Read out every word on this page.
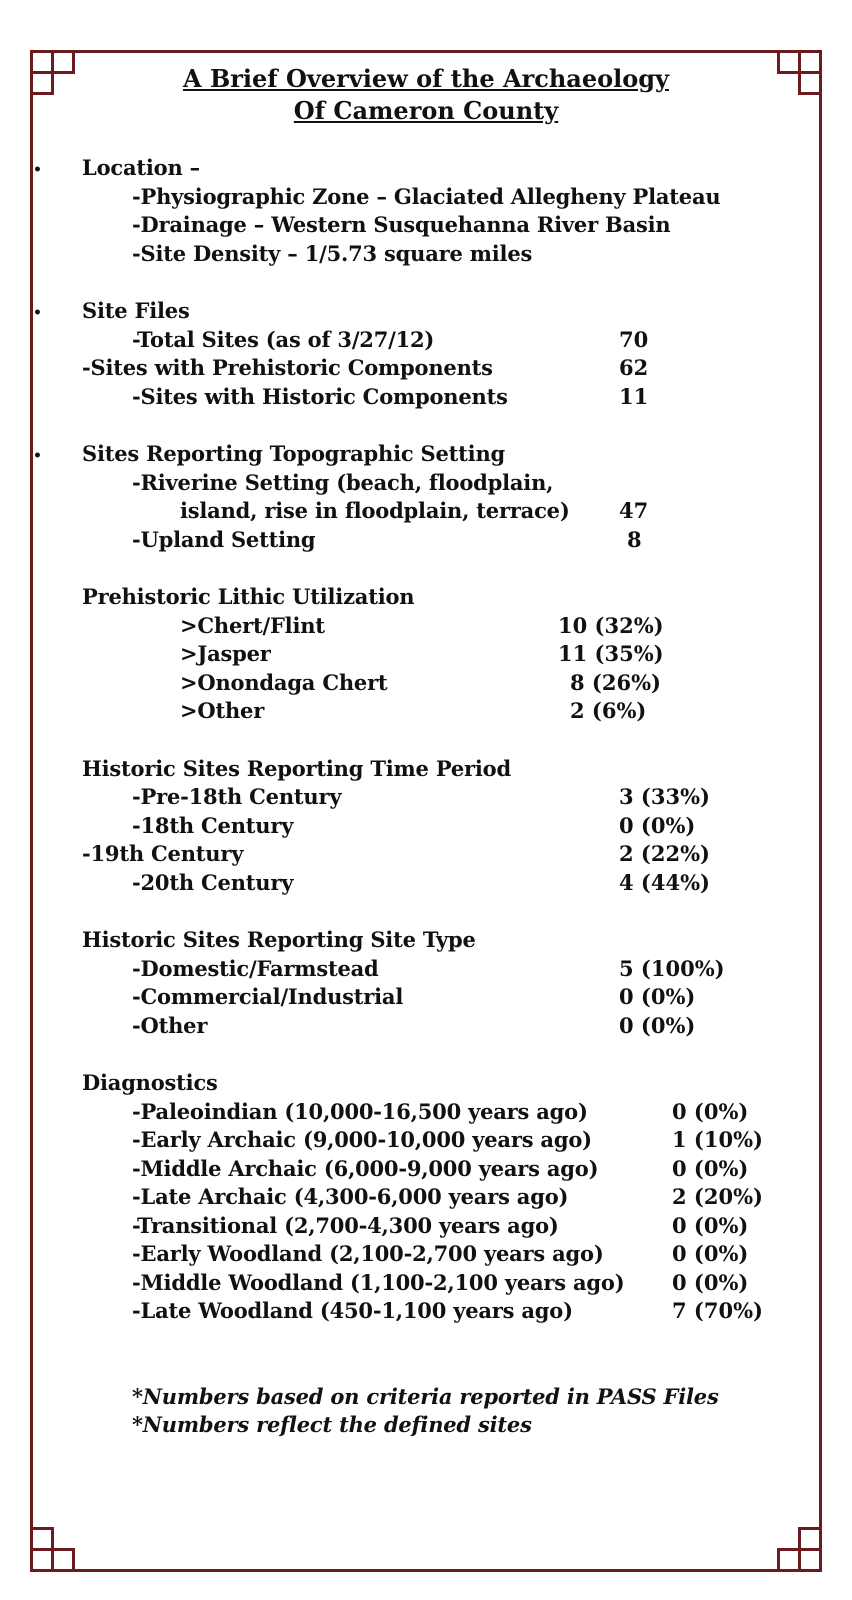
A Brief Overview of the Archaeology
Of Cameron County
• Location –
-Physiographic Zone – Glaciated Allegheny Plateau
-Drainage – Western Susquehanna River Basin
-Site Density – 1/5.73 square miles
• Site Files
-Total Sites (as of 3/27/12)	70
-Sites with Prehistoric Components	62
-Sites with Historic Components	11
• Sites Reporting Topographic Setting
-Riverine Setting (beach, floodplain,
island, rise in floodplain, terrace) 47
-Upland Setting	8
Prehistoric Lithic Utilization
>Chert/Flint	10 (32%)
>Jasper	11 (35%)
>Onondaga Chert	8 (26%)
>Other	2 (6%)
Historic Sites Reporting Time Period
-Pre-18th Century	3 (33%)
-18th Century	0 (0%)
-19th Century	2 (22%)
-20th Century	4 (44%)
Historic Sites Reporting Site Type
-Domestic/Farmstead	5 (100%)
-Commercial/Industrial	0 (0%)
-Other	0 (0%)
Diagnostics
-Paleoindian (10,000-16,500 years ago)	0 (0%)
-Early Archaic (9,000-10,000 years ago)	1 (10%)
-Middle Archaic (6,000-9,000 years ago)	0 (0%)
-Late Archaic (4,300-6,000 years ago)	2 (20%)
-Transitional (2,700-4,300 years ago)	0 (0%)
-Early Woodland (2,100-2,700 years ago)	0 (0%)
-Middle Woodland (1,100-2,100 years ago) 0 (0%)
-Late Woodland (450-1,100 years ago)	7 (70%)
*Numbers based on criteria reported in PASS Files
*Numbers reflect the defined sites
